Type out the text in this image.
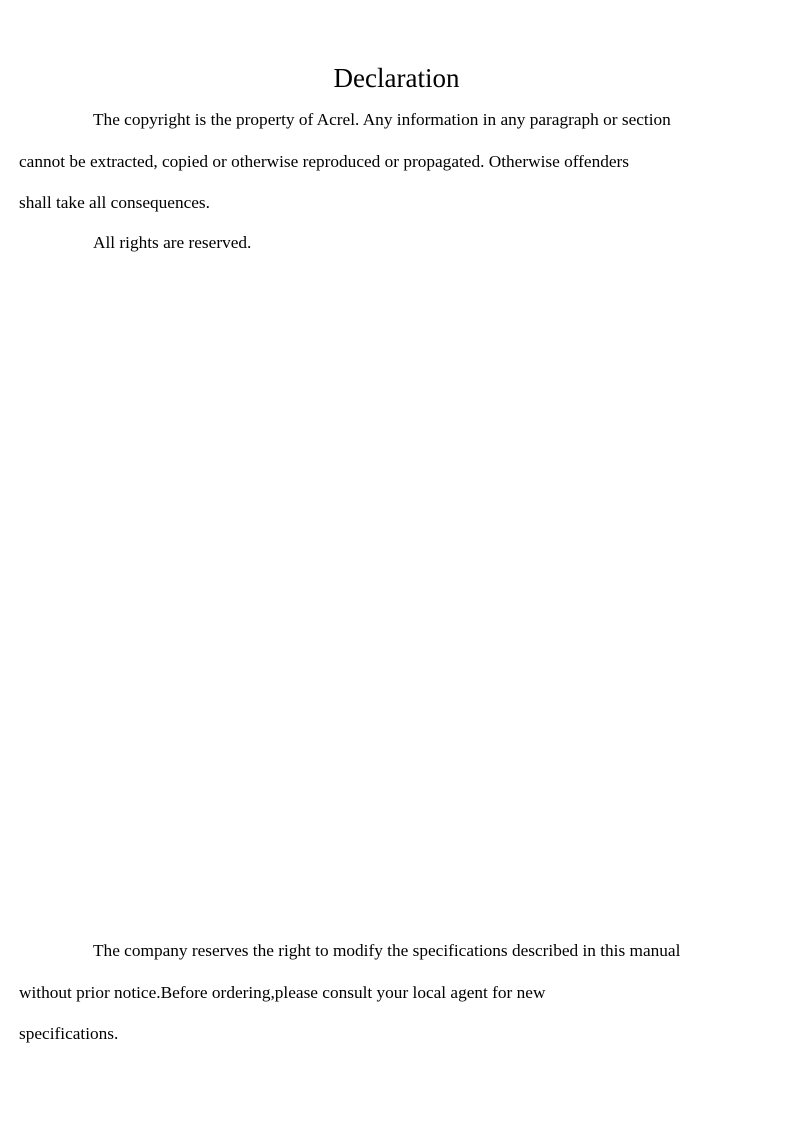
Declaration

The copyright is the property of Acrel. Any information in any paragraph or section
cannot be extracted, copied or otherwise reproduced or propagated. Otherwise offenders
shall take all consequences.

All rights are reserved.

The company reserves the right to modify the specifications described in this manual
without prior notice.Before ordering,please consult your local agent for new
specifications.
